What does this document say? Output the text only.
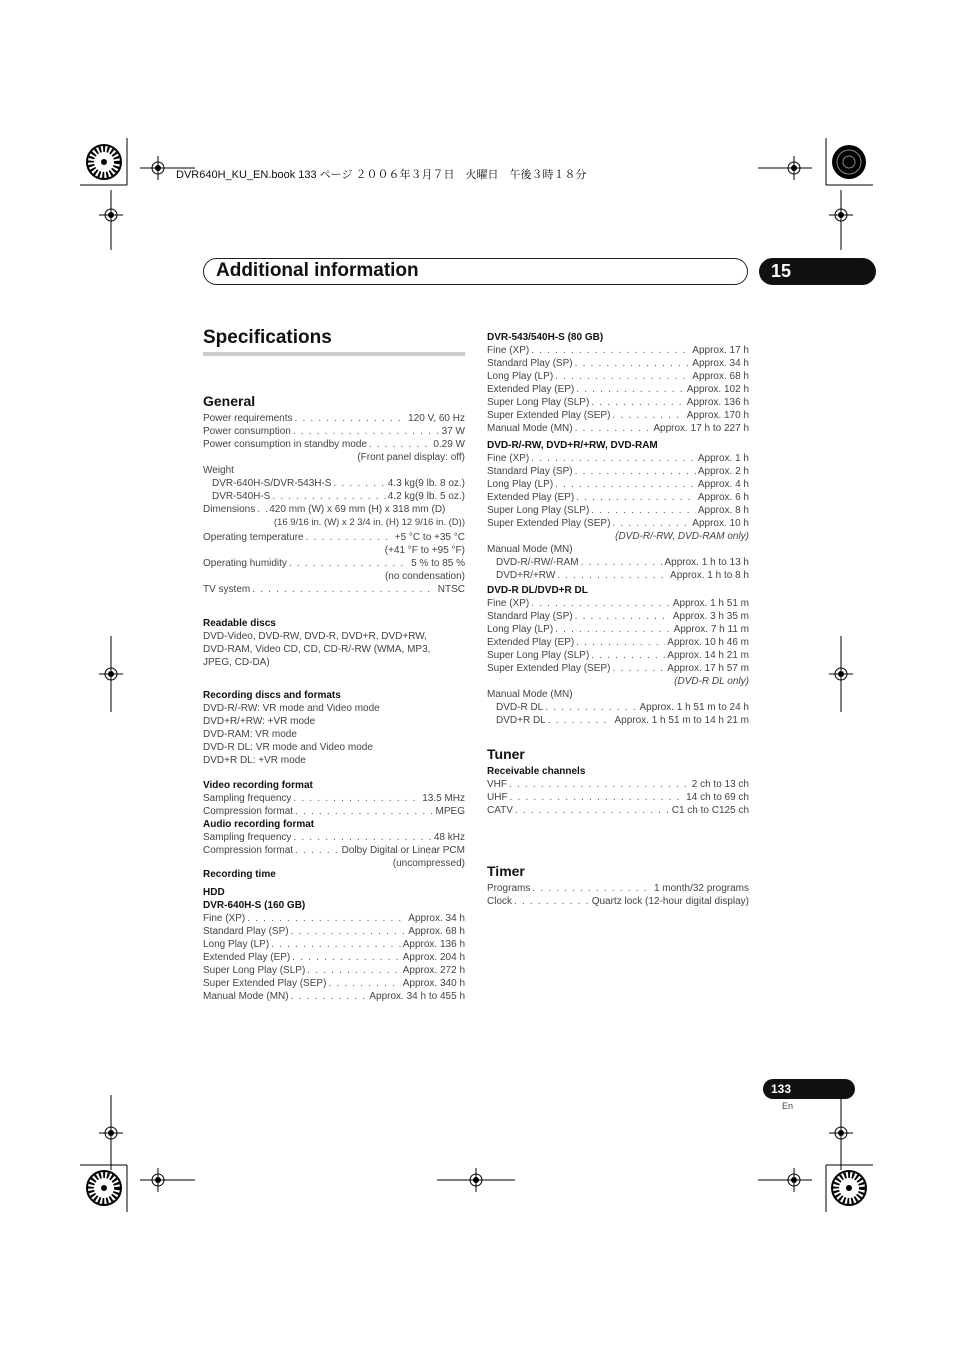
DVR640H_KU_EN.book 133 ページ ２００６年３月７日　火曜日　午後３時１８分
Additional information	15
Specifications
General
Power requirements . . .	120 V, 60 Hz
Power consumption . . .	37 W
Power consumption in standby mode . . .	0.29 W
(Front panel display: off)
Weight
DVR-640H-S/DVR-543H-S . . .	4.3 kg(9 lb. 8 oz.)
DVR-540H-S . . .	4.2 kg(9 lb. 5 oz.)
Dimensions . . . 420 mm (W) x 69 mm (H) x 318 mm (D)
(16 9/16 in. (W) x 2 3/4 in. (H) 12 9/16 in. (D))
Operating temperature . . .	+5 °C to +35 °C
(+41 °F to +95 °F)
Operating humidity . . .	5 % to 85 %
(no condensation)
TV system . . .	NTSC
Readable discs
DVD-Video, DVD-RW, DVD-R, DVD+R, DVD+RW,
DVD-RAM, Video CD, CD, CD-R/-RW (WMA, MP3,
JPEG, CD-DA)
Recording discs and formats
DVD-R/-RW: VR mode and Video mode
DVD+R/+RW: +VR mode
DVD-RAM: VR mode
DVD-R DL: VR mode and Video mode
DVD+R DL: +VR mode
Video recording format
Sampling frequency . . .	13.5 MHz
Compression format . . .	MPEG
Audio recording format
Sampling frequency . . .	48 kHz
Compression format . . .	Dolby Digital or Linear PCM
(uncompressed)
Recording time
HDD
DVR-640H-S (160 GB)
Fine (XP) . . .	Approx. 34 h
Standard Play (SP) . . .	Approx. 68 h
Long Play (LP) . . .	Approx. 136 h
Extended Play (EP) . . .	Approx. 204 h
Super Long Play (SLP) . . .	Approx. 272 h
Super Extended Play (SEP) . . .	Approx. 340 h
Manual Mode (MN) . . .	Approx. 34 h to 455 h
DVR-543/540H-S (80 GB)
Fine (XP) . . .	Approx. 17 h
Standard Play (SP) . . .	Approx. 34 h
Long Play (LP) . . .	Approx. 68 h
Extended Play (EP) . . .	Approx. 102 h
Super Long Play (SLP) . . .	Approx. 136 h
Super Extended Play (SEP) . . .	Approx. 170 h
Manual Mode (MN) . . .	Approx. 17 h to 227 h
DVD-R/-RW, DVD+R/+RW, DVD-RAM
Fine (XP) . . .	Approx. 1 h
Standard Play (SP) . . .	Approx. 2 h
Long Play (LP) . . .	Approx. 4 h
Extended Play (EP) . . .	Approx. 6 h
Super Long Play (SLP) . . .	Approx. 8 h
Super Extended Play (SEP) . . .	Approx. 10 h
(DVD-R/-RW, DVD-RAM only)
Manual Mode (MN)
DVD-R/-RW/-RAM . . .	Approx. 1 h to 13 h
DVD+R/+RW . . .	Approx. 1 h to 8 h
DVD-R DL/DVD+R DL
Fine (XP) . . .	Approx. 1 h 51 m
Standard Play (SP) . . .	Approx. 3 h 35 m
Long Play (LP) . . .	Approx. 7 h 11 m
Extended Play (EP) . . .	Approx. 10 h 46 m
Super Long Play (SLP) . . .	Approx. 14 h 21 m
Super Extended Play (SEP) . . .	Approx. 17 h 57 m
(DVD-R DL only)
Manual Mode (MN)
DVD-R DL . . .	Approx. 1 h 51 m to 24 h
DVD+R DL . . .	Approx. 1 h 51 m to 14 h 21 m
Tuner
Receivable channels
VHF . . .	2 ch to 13 ch
UHF . . .	14 ch to 69 ch
CATV . . .	C1 ch to C125 ch
Timer
Programs . . .	1 month/32 programs
Clock . . .	Quartz lock (12-hour digital display)
133
En
